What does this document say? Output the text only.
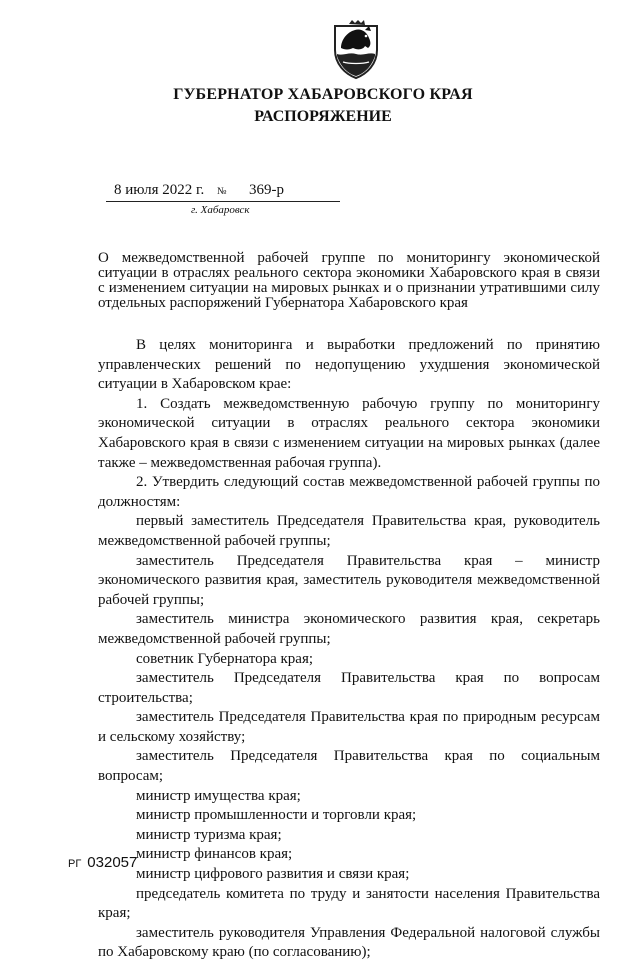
ГУБЕРНАТОР ХАБАРОВСКОГО КРАЯ
РАСПОРЯЖЕНИЕ
8 июля 2022 г. № 369-р
г. Хабаровск
О межведомственной рабочей группе по мониторингу экономической ситуации в отраслях реального сектора экономики Хабаровского края в связи с изменением ситуации на мировых рынках и о признании утратившими силу отдельных распоряжений Губернатора Хабаровского края

В целях мониторинга и выработки предложений по принятию управленческих решений по недопущению ухудшения экономической ситуации в Хабаровском крае:

1. Создать межведомственную рабочую группу по мониторингу экономической ситуации в отраслях реального сектора экономики Хабаровского края в связи с изменением ситуации на мировых рынках (далее также – межведомственная рабочая группа).

2. Утвердить следующий состав межведомственной рабочей группы по должностям:

первый заместитель Председателя Правительства края, руководитель межведомственной рабочей группы;

заместитель Председателя Правительства края – министр экономического развития края, заместитель руководителя межведомственной рабочей группы;

заместитель министра экономического развития края, секретарь межведомственной рабочей группы;

советник Губернатора края;

заместитель Председателя Правительства края по вопросам строительства;

заместитель Председателя Правительства края по природным ресурсам и сельскому хозяйству;

заместитель Председателя Правительства края по социальным вопросам;

министр имущества края;

министр промышленности и торговли края;

министр туризма края;

министр финансов края;

министр цифрового развития и связи края;

председатель комитета по труду и занятости населения Правительства края;

заместитель руководителя Управления Федеральной налоговой службы по Хабаровскому краю (по согласованию);

РГ 032057
